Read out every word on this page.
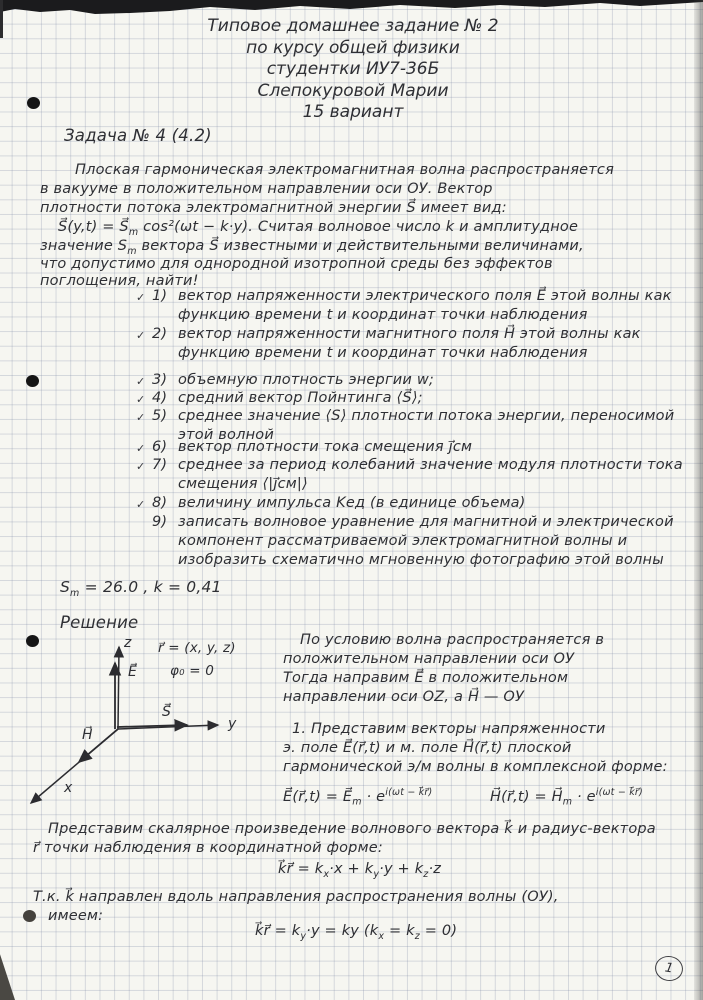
Типовое домашнее задание № 2
по курсу общей физики
студентки ИУ7-36Б
Слепокуровой Марии
15 вариант
Задача № 4 (4.2)
Плоская гармоническая электромагнитная волна распространяется
в вакууме в положительном направлении оси ОУ. Вектор
плотности потока электромагнитной энергии S⃗ имеет вид:
S⃗(y,t) = $S⃗_m$ cos²(ωt − k·y). Считая волновое число k и амплитудное
значение $S_m$ вектора S⃗ известными и действительными величинами,
что допустимо для однородной изотропной среды без эффектов
поглощения, найти!
✓ 1) вектор напряженности электрического поля E⃗ этой волны как функцию времени t и координат точки наблюдения
✓ 2) вектор напряженности магнитного поля H⃗ этой волны как функцию времени t и координат точки наблюдения
✓ 3) объемную плотность энергии w;
✓ 4) средний вектор Пойнтинга ⟨S⃗⟩;
✓ 5) среднее значение ⟨S⟩ плотности потока энергии, переносимой этой волной
✓ 6) вектор плотности тока смещения j⃗см
✓ 7) среднее за период колебаний значение модуля плотности тока смещения ⟨|j⃗см|⟩
✓ 8) величину импульса Kед (в единице объема)
9) записать волновое уравнение для магнитной и электрической компонент рассматриваемой электромагнитной волны и изобразить схематично мгновенную фотографию этой волны
$S_m = 26.0$ , k = 0,41
Решение
z
E⃗
r⃗ = (x, y, z)
φ₀ = 0
S⃗
y
H⃗
x
По условию волна распространяется в
положительном направлении оси ОУ
Тогда направим E⃗ в положительном
направлении оси OZ, а H⃗ — ОУ
1. Представим векторы напряженности
э. поле E⃗(r⃗,t) и м. поле H⃗(r⃗,t) плоской
гармонической э/м волны в комплексной форме:
E⃗(r⃗,t) = $E⃗_m \cdot e^{i(\omega t - k⃗r⃗)}$	H⃗(r⃗,t) = $H⃗_m \cdot e^{i(\omega t - k⃗r⃗)}$
Представим скалярное произведение волнового вектора k⃗ и радиус-вектора
r⃗ точки наблюдения в координатной форме:
k⃗r⃗ = $k_x\cdot x + k_y\cdot y + k_z\cdot z$
Т.к. k⃗ направлен вдоль направления распространения волны (ОУ),
имеем:
k⃗r⃗ = $k_y\cdot y$ = ky $(k_x = k_z = 0)$
1
